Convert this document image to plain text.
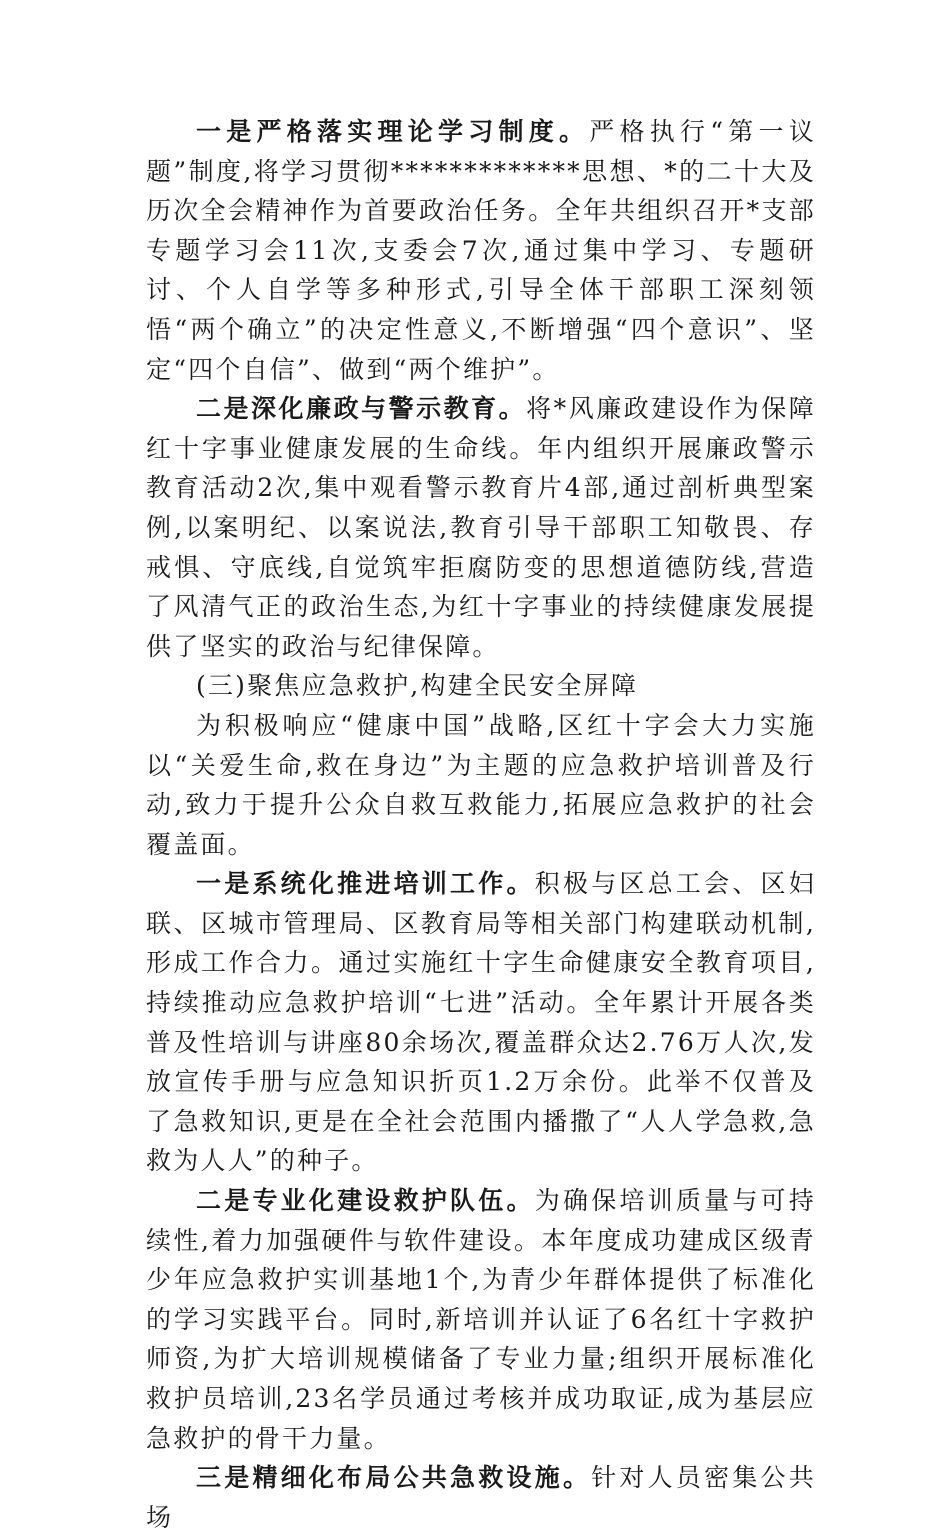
一是严格落实理论学习制度。严格执行“第一议题”制度,将学习贯彻*************思想、*的二十大及历次全会精神作为首要政治任务。全年共组织召开*支部专题学习会11次,支委会7次,通过集中学习、专题研讨、个人自学等多种形式,引导全体干部职工深刻领悟“两个确立”的决定性意义,不断增强“四个意识”、坚定“四个自信”、做到“两个维护”。

二是深化廉政与警示教育。将*风廉政建设作为保障红十字事业健康发展的生命线。年内组织开展廉政警示教育活动2次,集中观看警示教育片4部,通过剖析典型案例,以案明纪、以案说法,教育引导干部职工知敬畏、存戒惧、守底线,自觉筑牢拒腐防变的思想道德防线,营造了风清气正的政治生态,为红十字事业的持续健康发展提供了坚实的政治与纪律保障。

(三)聚焦应急救护,构建全民安全屏障

为积极响应“健康中国”战略,区红十字会大力实施以“关爱生命,救在身边”为主题的应急救护培训普及行动,致力于提升公众自救互救能力,拓展应急救护的社会覆盖面。

一是系统化推进培训工作。积极与区总工会、区妇联、区城市管理局、区教育局等相关部门构建联动机制,形成工作合力。通过实施红十字生命健康安全教育项目,持续推动应急救护培训“七进”活动。全年累计开展各类普及性培训与讲座80余场次,覆盖群众达2.76万人次,发放宣传手册与应急知识折页1.2万余份。此举不仅普及了急救知识,更是在全社会范围内播撒了“人人学急救,急救为人人”的种子。

二是专业化建设救护队伍。为确保培训质量与可持续性,着力加强硬件与软件建设。本年度成功建成区级青少年应急救护实训基地1个,为青少年群体提供了标准化的学习实践平台。同时,新培训并认证了6名红十字救护师资,为扩大培训规模储备了专业力量;组织开展标准化救护员培训,23名学员通过考核并成功取证,成为基层应急救护的骨干力量。

三是精细化布局公共急救设施。针对人员密集公共场
